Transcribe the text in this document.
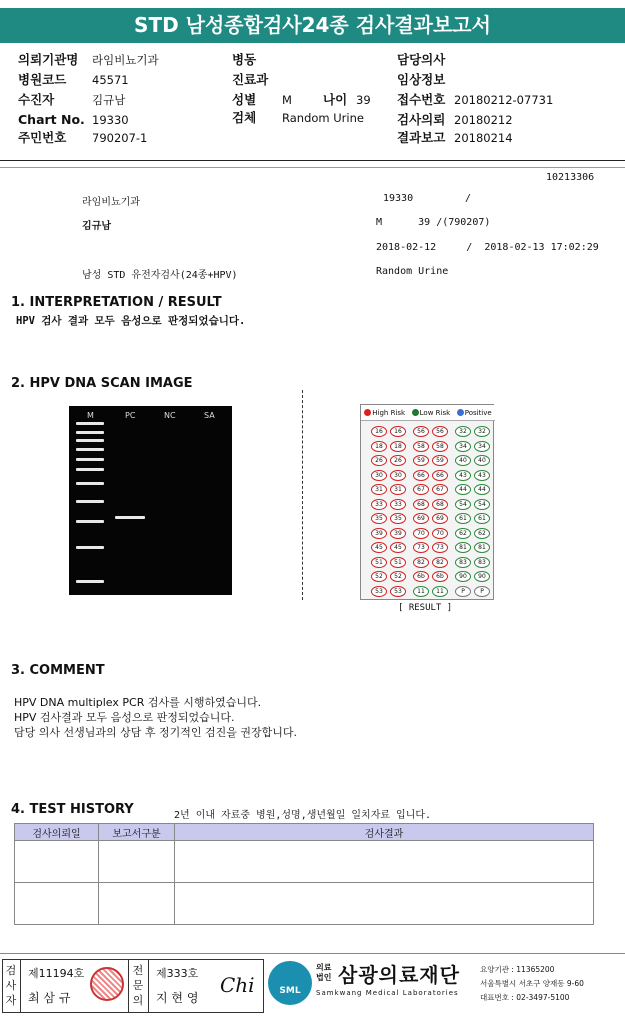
STD 남성종합검사24종 검사결과보고서
의뢰기관명 라임비뇨기과
병원코드 45571
수진자	김규남
Chart No. 19330
주민번호 790207-1
병동
진료과
성별 M 나이 39
검체 Random Urine
담당의사
임상정보
접수번호 20180212-07731
검사의뢰 20180212
결과보고 20180214
10213306
라임비뇨기과	19330	/
김규남	M      39 /(790207)
2018-02-12     /  2018-02-13 17:02:29
남성 STD 유전자검사(24종+HPV)	Random Urine
1. INTERPRETATION / RESULT
HPV 검사 결과 모두 음성으로 판정되었습니다.
2. HPV DNA SCAN IMAGE
M	PC	NC	SA	High Risk	Low Risk	Positive
16	16	56	56	32	32
18	18	58	58	34	34
26	26	59	59	40	40
30	30	66	66	43	43
31	31	67	67	44	44
33	33	68	68	54	54
35	35	69	69	61	61
39	39	70	70	62	62
45	45	73	73	81	81
51	51	82	82	83	83
52	52	6b	6b	90	90
53	53	11	11	P	P
[ RESULT ]
3. COMMENT
HPV DNA multiplex PCR 검사를 시행하였습니다.
HPV 검사결과 모두 음성으로 판정되었습니다.
담당 의사 선생님과의 상담 후 정기적인 검진을 권장합니다.
4. TEST HISTORY	2년 이내 자료중 병원,성명,생년월일 일치자료 입니다.
검사의뢰일	보고서구분	검사결과

검사자
제11194호
최 삼 규
전문의
제333호
지 현 영
Chi	SML
의료법인 삼광의료재단
Samkwang Medical Laboratories
요양기관 : 11365200
서울특별시 서초구 양재동 9-60
대표번호 : 02-3497-5100
